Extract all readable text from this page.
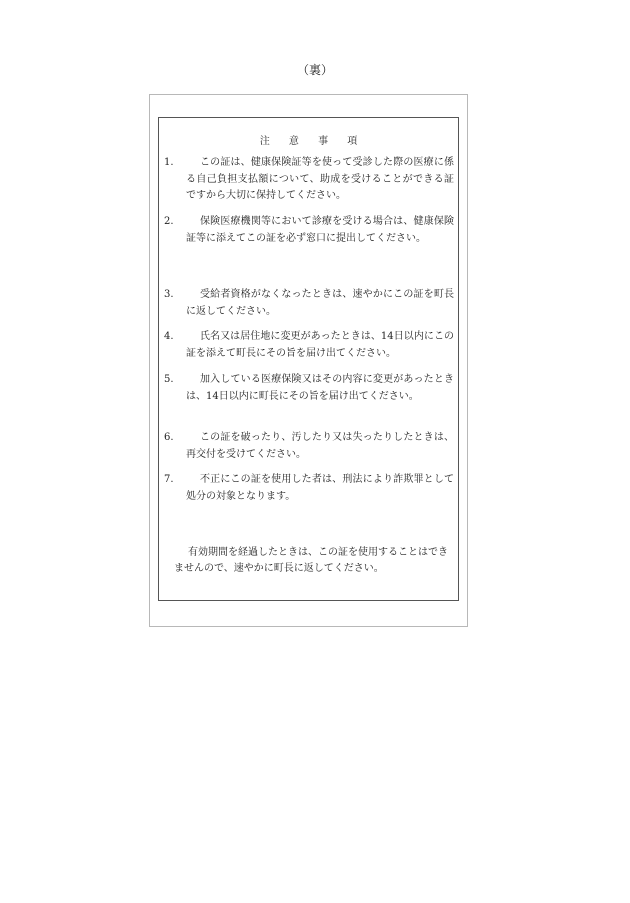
（裏）
注 意 事 項
1.	この証は、健康保険証等を使って受診した際の医療に係る自己負担支払額について、助成を受けることができる証ですから大切に保持してください。
2.	保険医療機関等において診療を受ける場合は、健康保険証等に添えてこの証を必ず窓口に提出してください。
3.	受給者資格がなくなったときは、速やかにこの証を町長に返してください。
4.	氏名又は居住地に変更があったときは、14日以内にこの証を添えて町長にその旨を届け出てください。
5.	加入している医療保険又はその内容に変更があったときは、14日以内に町長にその旨を届け出てください。
6.	この証を破ったり、汚したり又は失ったりしたときは、再交付を受けてください。
7.	不正にこの証を使用した者は、刑法により詐欺罪として処分の対象となります。
有効期間を経過したときは、この証を使用することはできませんので、速やかに町長に返してください。
